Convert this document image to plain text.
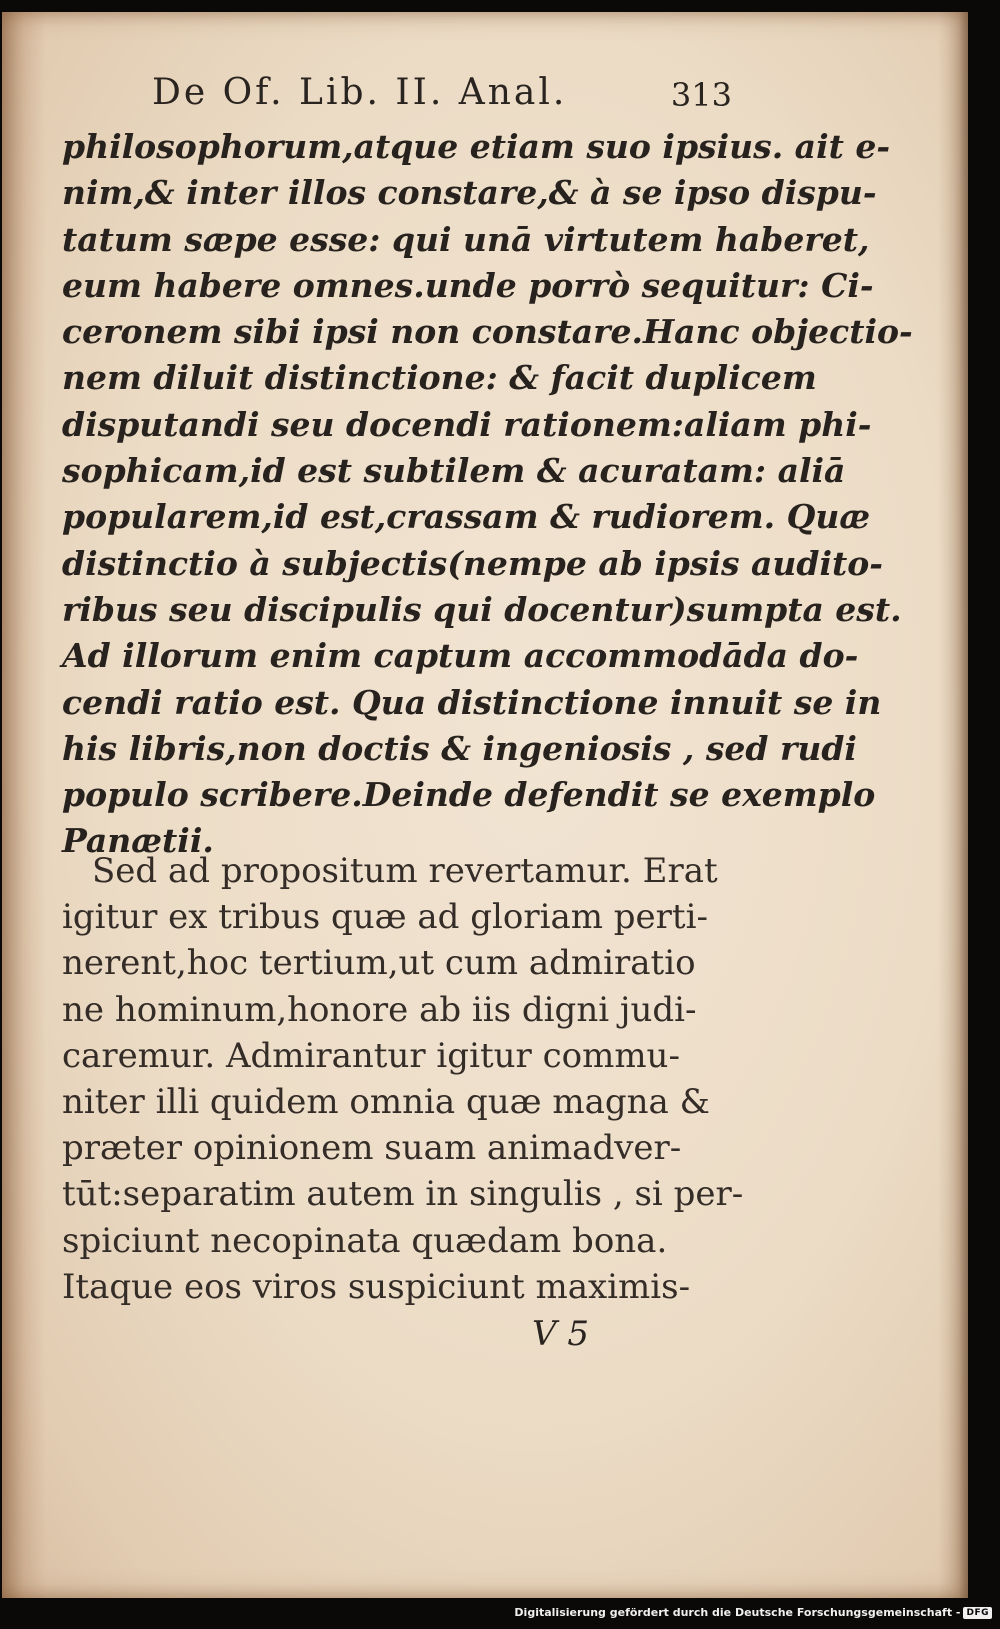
De Of. Lib. II. Anal.	313
philosophorum,atque etiam suo ipsius. ait e-
nim,& inter illos constare,& à se ipso dispu-
tatum sæpe esse: qui unā virtutem haberet,
eum habere omnes.unde porrò sequitur: Ci-
ceronem sibi ipsi non constare.Hanc objectio-
nem diluit distinctione: & facit duplicem
disputandi seu docendi rationem:aliam phi-
sophicam,id est subtilem & acuratam: aliā
popularem,id est,crassam & rudiorem. Quæ
distinctio à subjectis(nempe ab ipsis audito-
ribus seu discipulis qui docentur)sumpta est.
Ad illorum enim captum accommodāda do-
cendi ratio est. Qua distinctione innuit se in
his libris,non doctis & ingeniosis , sed rudi
populo scribere.Deinde defendit se exemplo
Panætii.
Sed ad propositum revertamur. Erat
igitur ex tribus quæ ad gloriam perti-
nerent,hoc tertium,ut cum admiratio
ne hominum,honore ab iis digni judi-
caremur. Admirantur igitur commu-
niter illi quidem omnia quæ magna &
præter opinionem suam animadver-
tūt:separatim autem in singulis , si per-
spiciunt necopinata quædam bona.
Itaque eos viros suspiciunt maximis-
V 5
Digitalisierung gefördert durch die Deutsche Forschungsgemeinschaft - DFG
